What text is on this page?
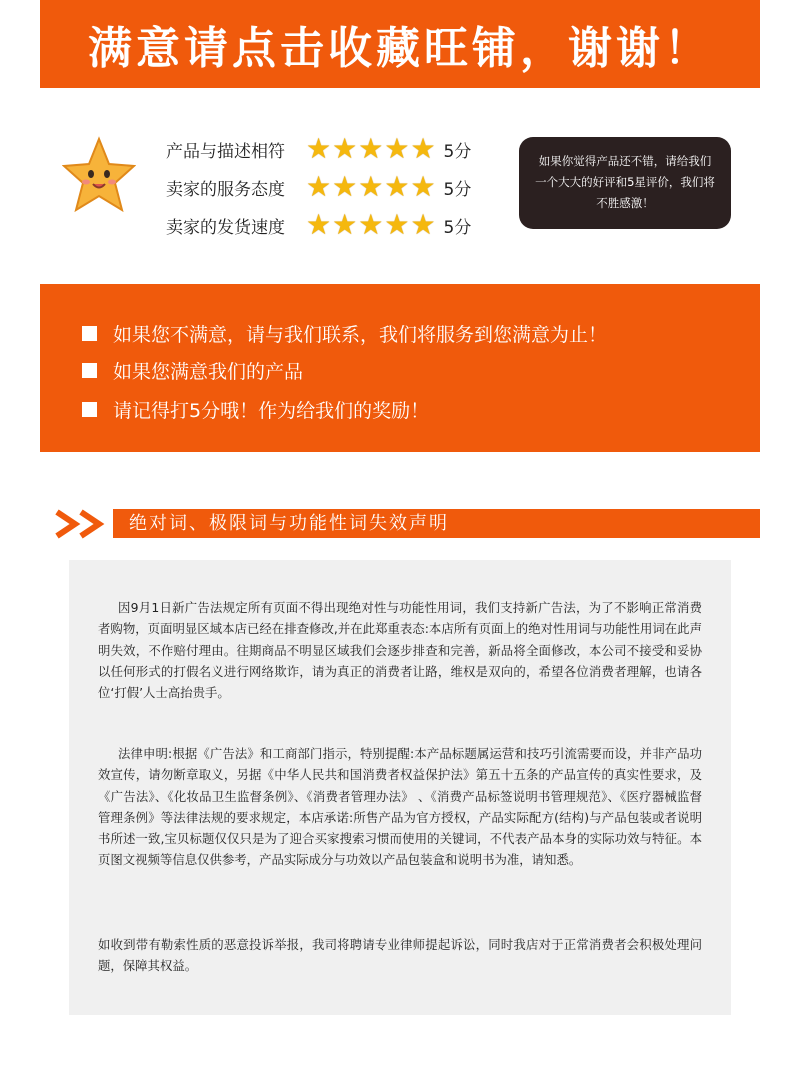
满意请点击收藏旺铺，谢谢！
产品与描述相符 ★ ★ ★ ★ ★ 5分
卖家的服务态度 ★ ★ ★ ★ ★ 5分
卖家的发货速度 ★ ★ ★ ★ ★ 5分
如果你觉得产品还不错，请给我们一个大大的好评和5星评价，我们将不胜感激！
如果您不满意，请与我们联系，我们将服务到您满意为止！
如果您满意我们的产品
请记得打5分哦！作为给我们的奖励！
绝对词、极限词与功能性词失效声明

因9月1日新广告法规定所有页面不得出现绝对性与功能性用词，我们支持新广告法，为了不影响正常消费者购物，页面明显区域本店已经在排查修改,并在此郑重表态:本店所有页面上的绝对性用词与功能性用词在此声明失效，不作赔付理由。往期商品不明显区域我们会逐步排查和完善，新品将全面修改，本公司不接受和妥协以任何形式的打假名义进行网络欺诈，请为真正的消费者让路，维权是双向的，希望各位消费者理解，也请各位‘打假’人士高抬贵手。

法律申明:根据《广告法》和工商部门指示，特别提醒:本产品标题属运营和技巧引流需要而设，并非产品功效宣传，请勿断章取义，另据《中华人民共和国消费者权益保护法》第五十五条的产品宣传的真实性要求，及《广告法》、《化妆品卫生监督条例》、《消费者管理办法》 、《消费产品标签说明书管理规范》、《医疗器械监督管理条例》等法律法规的要求规定，本店承诺:所售产品为官方授权，产品实际配方(结构)与产品包装或者说明书所述一致,宝贝标题仅仅只是为了迎合买家搜索习惯而使用的关键词，不代表产品本身的实际功效与特征。本页图文视频等信息仅供参考，产品实际成分与功效以产品包装盒和说明书为准，请知悉。

如收到带有勒索性质的恶意投诉举报，我司将聘请专业律师提起诉讼，同时我店对于正常消费者会积极处理问题，保障其权益。
